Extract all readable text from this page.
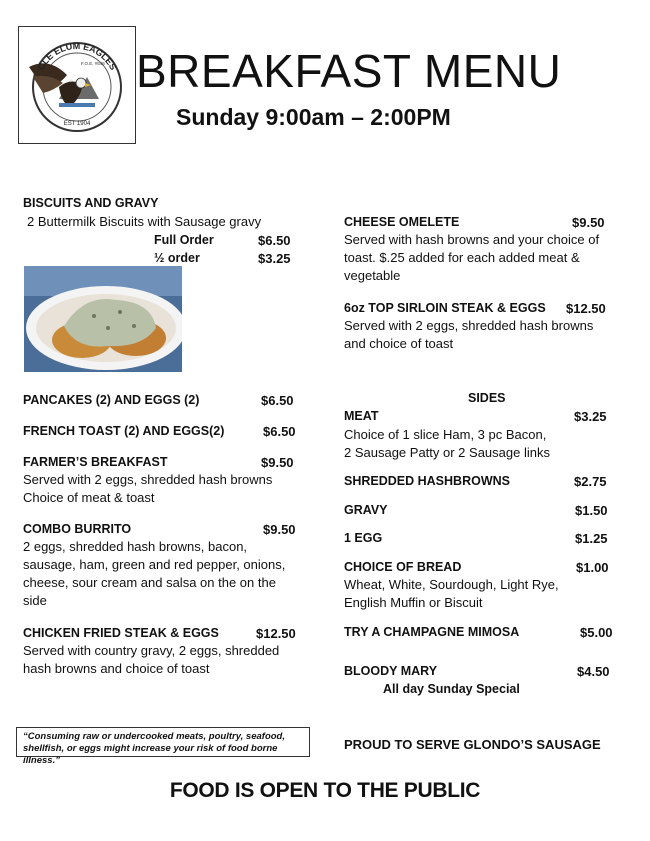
CLE ELUM EAGLES
F.O.E. #546
EST 1904
BREAKFAST MENU
Sunday 9:00am – 2:00PM
BISCUITS AND GRAVY
2 Buttermilk Biscuits with Sausage gravy
Full Order	$6.50
½ order	$3.25
PANCAKES (2) AND EGGS (2)	$6.50
FRENCH TOAST (2) AND EGGS(2)	$6.50
FARMER’S BREAKFAST	$9.50
Served with 2 eggs, shredded hash browns
Choice of meat & toast
COMBO BURRITO	$9.50
2 eggs, shredded hash browns, bacon,
sausage, ham, green and red pepper, onions,
cheese, sour cream and salsa on the on the
side
CHICKEN FRIED STEAK & EGGS	$12.50
Served with country gravy, 2 eggs, shredded
hash browns and choice of toast
CHEESE OMELETE	$9.50
Served with hash browns and your choice of
toast. $.25 added for each added meat &
vegetable
6oz TOP SIRLOIN STEAK & EGGS $12.50
Served with 2 eggs, shredded hash browns
and choice of toast
SIDES
MEAT	$3.25
Choice of 1 slice Ham, 3 pc Bacon,
2 Sausage Patty or 2 Sausage links
SHREDDED HASHBROWNS	$2.75
GRAVY	$1.50
1 EGG	$1.25
CHOICE OF BREAD	$1.00
Wheat, White, Sourdough, Light Rye,
English Muffin or Biscuit
TRY A CHAMPAGNE MIMOSA	$5.00
BLOODY MARY	$4.50
All day Sunday Special
PROUD TO SERVE GLONDO’S SAUSAGE
“Consuming raw or undercooked meats, poultry, seafood,
shellfish, or eggs might increase your risk of food borne illness.”
FOOD IS OPEN TO THE PUBLIC
